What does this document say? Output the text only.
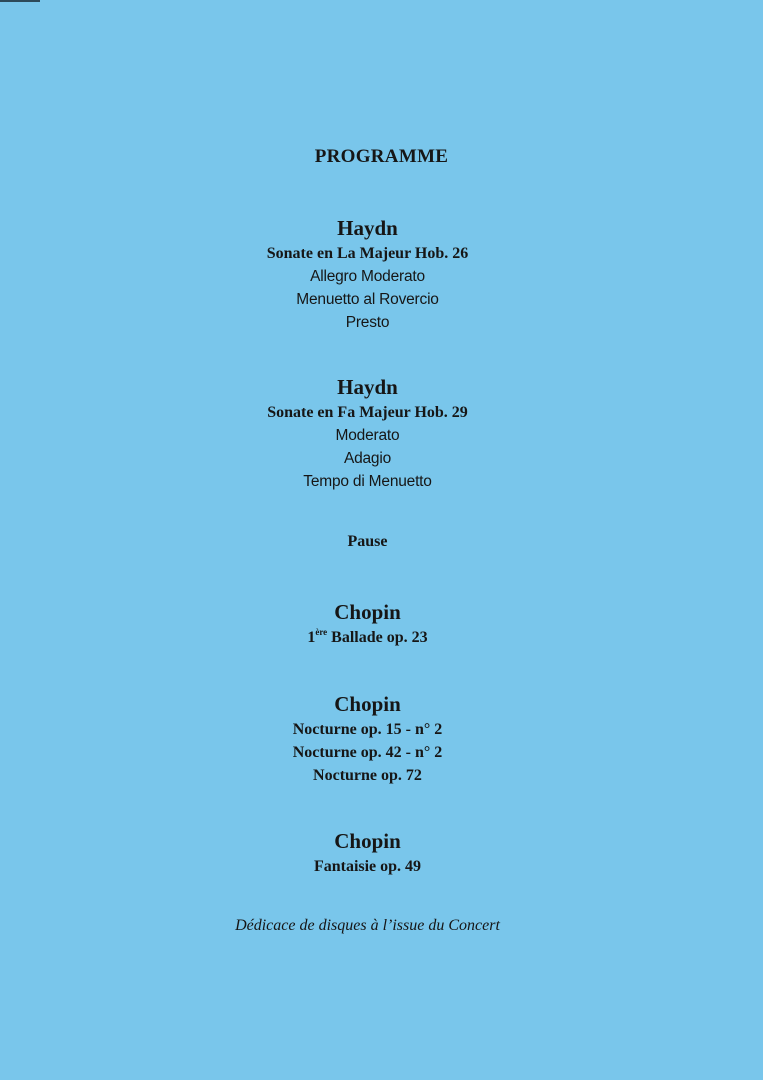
PROGRAMME
Haydn
Sonate en La Majeur Hob. 26
Allegro Moderato
Menuetto al Rovercio
Presto
Haydn
Sonate en Fa Majeur Hob. 29
Moderato
Adagio
Tempo di Menuetto
Pause
Chopin
1ère Ballade op. 23
Chopin
Nocturne op. 15 - n° 2
Nocturne op. 42 - n° 2
Nocturne op. 72
Chopin
Fantaisie op. 49
Dédicace de disques à l’issue du Concert
